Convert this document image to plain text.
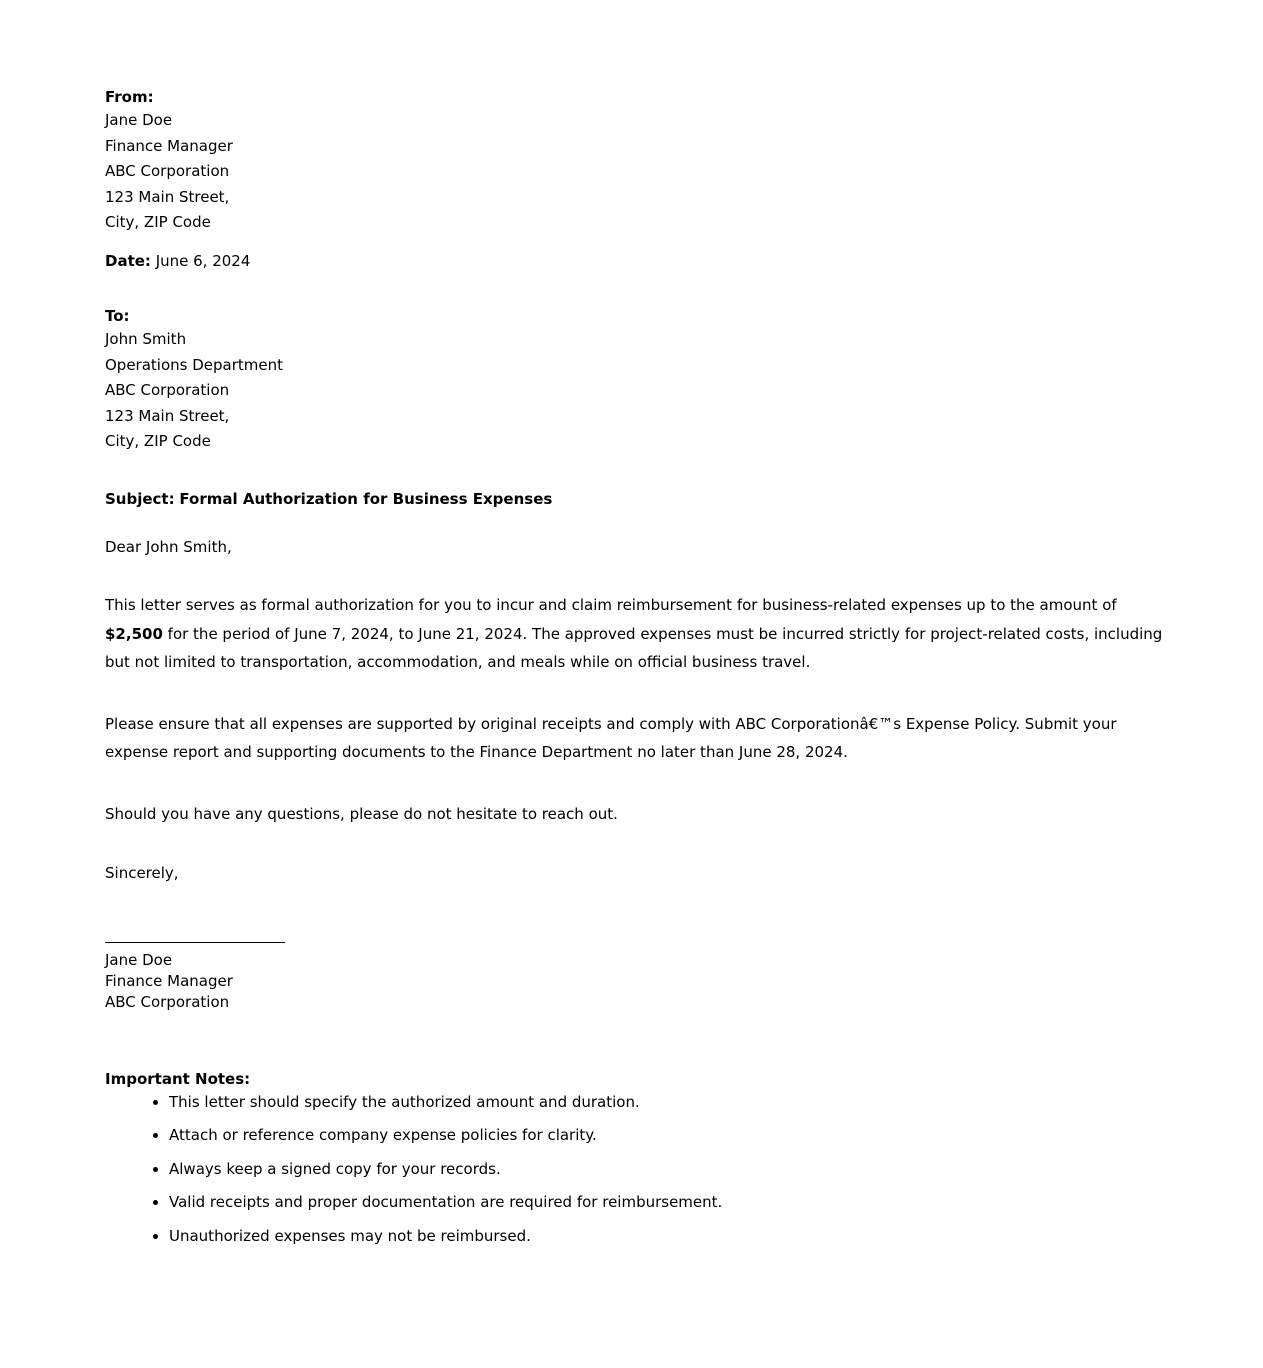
From:
Jane Doe
Finance Manager
ABC Corporation
123 Main Street,
City, ZIP Code
Date: June 6, 2024
To:
John Smith
Operations Department
ABC Corporation
123 Main Street,
City, ZIP Code
Subject: Formal Authorization for Business Expenses
Dear John Smith,
This letter serves as formal authorization for you to incur and claim reimbursement for business-related expenses up to the amount of $2,500 for the period of June 7, 2024, to June 21, 2024. The approved expenses must be incurred strictly for project-related costs, including but not limited to transportation, accommodation, and meals while on official business travel.
Please ensure that all expenses are supported by original receipts and comply with ABC Corporationâ€™s Expense Policy. Submit your expense report and supporting documents to the Finance Department no later than June 28, 2024.
Should you have any questions, please do not hesitate to reach out.
Sincerely,
Jane Doe
Finance Manager
ABC Corporation
Important Notes:
• This letter should specify the authorized amount and duration.
• Attach or reference company expense policies for clarity.
• Always keep a signed copy for your records.
• Valid receipts and proper documentation are required for reimbursement.
• Unauthorized expenses may not be reimbursed.
